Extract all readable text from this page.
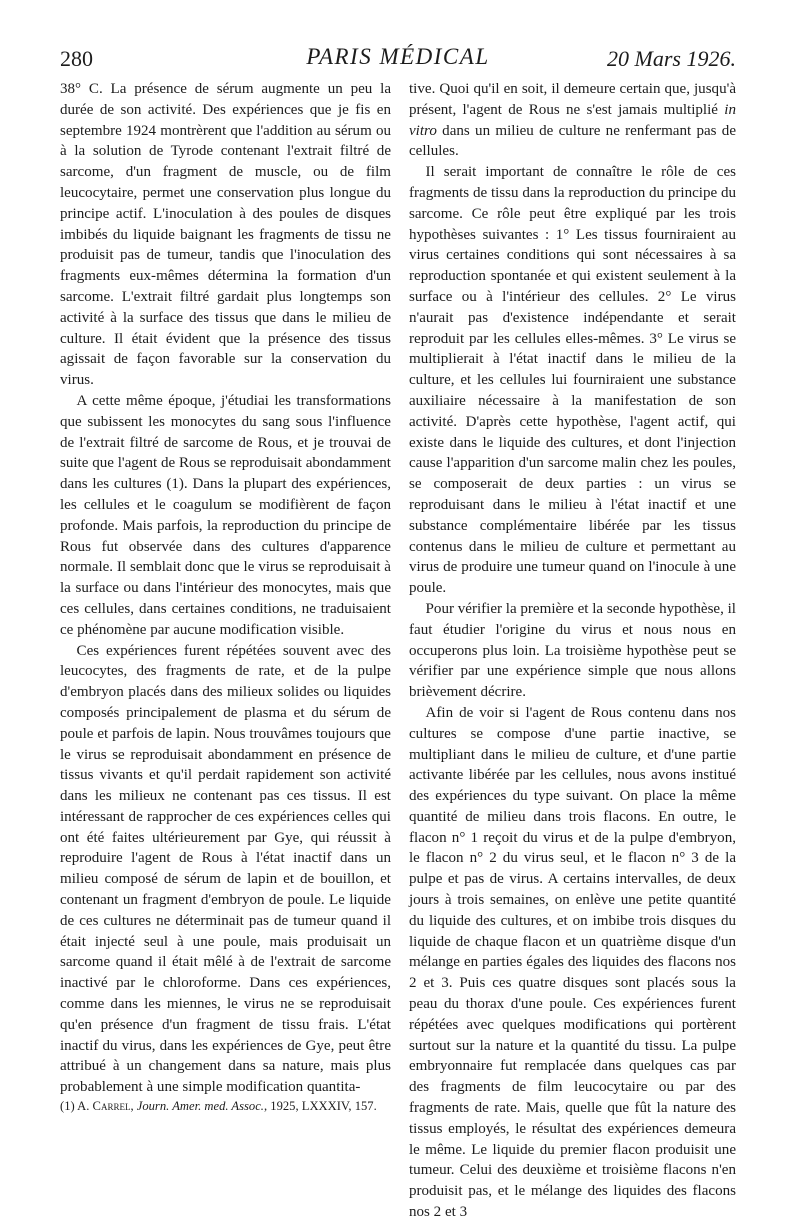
280	PARIS MÉDICAL	20 Mars 1926.

38° C. La présence de sérum augmente un peu la durée de son activité. Des expériences que je fis en septembre 1924 montrèrent que l'addition au sérum ou à la solution de Tyrode contenant l'extrait filtré de sarcome, d'un fragment de muscle, ou de film leucocytaire, permet une conservation plus longue du principe actif. L'inoculation à des poules de disques imbibés du liquide baignant les fragments de tissu ne produisit pas de tumeur, tandis que l'inoculation des fragments eux-mêmes détermina la formation d'un sarcome. L'extrait filtré gardait plus longtemps son activité à la surface des tissus que dans le milieu de culture. Il était évident que la présence des tissus agissait de façon favorable sur la conservation du virus.

A cette même époque, j'étudiai les transformations que subissent les monocytes du sang sous l'influence de l'extrait filtré de sarcome de Rous, et je trouvai de suite que l'agent de Rous se reproduisait abondamment dans les cultures (1). Dans la plupart des expériences, les cellules et le coagulum se modifièrent de façon profonde. Mais parfois, la reproduction du principe de Rous fut observée dans des cultures d'apparence normale. Il semblait donc que le virus se reproduisait à la surface ou dans l'intérieur des monocytes, mais que ces cellules, dans certaines conditions, ne traduisaient ce phénomène par aucune modification visible.

Ces expériences furent répétées souvent avec des leucocytes, des fragments de rate, et de la pulpe d'embryon placés dans des milieux solides ou liquides composés principalement de plasma et du sérum de poule et parfois de lapin. Nous trouvâmes toujours que le virus se reproduisait abondamment en présence de tissus vivants et qu'il perdait rapidement son activité dans les milieux ne contenant pas ces tissus. Il est intéressant de rapprocher de ces expériences celles qui ont été faites ultérieurement par Gye, qui réussit à reproduire l'agent de Rous à l'état inactif dans un milieu composé de sérum de lapin et de bouillon, et contenant un fragment d'embryon de poule. Le liquide de ces cultures ne déterminait pas de tumeur quand il était injecté seul à une poule, mais produisait un sarcome quand il était mêlé à de l'extrait de sarcome inactivé par le chloroforme. Dans ces expériences, comme dans les miennes, le virus ne se reproduisait qu'en présence d'un fragment de tissu frais. L'état inactif du virus, dans les expériences de Gye, peut être attribué à un changement dans sa nature, mais plus probablement à une simple modification quantita-

(1) A. Carrel, Journ. Amer. med. Assoc., 1925, LXXXIV, 157.

tive. Quoi qu'il en soit, il demeure certain que, jusqu'à présent, l'agent de Rous ne s'est jamais multiplié in vitro dans un milieu de culture ne renfermant pas de cellules.

Il serait important de connaître le rôle de ces fragments de tissu dans la reproduction du principe du sarcome. Ce rôle peut être expliqué par les trois hypothèses suivantes : 1° Les tissus fourniraient au virus certaines conditions qui sont nécessaires à sa reproduction spontanée et qui existent seulement à la surface ou à l'intérieur des cellules. 2° Le virus n'aurait pas d'existence indépendante et serait reproduit par les cellules elles-mêmes. 3° Le virus se multiplierait à l'état inactif dans le milieu de la culture, et les cellules lui fourniraient une substance auxiliaire nécessaire à la manifestation de son activité. D'après cette hypothèse, l'agent actif, qui existe dans le liquide des cultures, et dont l'injection cause l'apparition d'un sarcome malin chez les poules, se composerait de deux parties : un virus se reproduisant dans le milieu à l'état inactif et une substance complémentaire libérée par les tissus contenus dans le milieu de culture et permettant au virus de produire une tumeur quand on l'inocule à une poule.

Pour vérifier la première et la seconde hypothèse, il faut étudier l'origine du virus et nous nous en occuperons plus loin. La troisième hypothèse peut se vérifier par une expérience simple que nous allons brièvement décrire.

Afin de voir si l'agent de Rous contenu dans nos cultures se compose d'une partie inactive, se multipliant dans le milieu de culture, et d'une partie activante libérée par les cellules, nous avons institué des expériences du type suivant. On place la même quantité de milieu dans trois flacons. En outre, le flacon n° 1 reçoit du virus et de la pulpe d'embryon, le flacon n° 2 du virus seul, et le flacon n° 3 de la pulpe et pas de virus. A certains intervalles, de deux jours à trois semaines, on enlève une petite quantité du liquide des cultures, et on imbibe trois disques du liquide de chaque flacon et un quatrième disque d'un mélange en parties égales des liquides des flacons nos 2 et 3. Puis ces quatre disques sont placés sous la peau du thorax d'une poule. Ces expériences furent répétées avec quelques modifications qui portèrent surtout sur la nature et la quantité du tissu. La pulpe embryonnaire fut remplacée dans quelques cas par des fragments de film leucocytaire ou par des fragments de rate. Mais, quelle que fût la nature des tissus employés, le résultat des expériences demeura le même. Le liquide du premier flacon produisit une tumeur. Celui des deuxième et troisième flacons n'en produisit pas, et le mélange des liquides des flacons nos 2 et 3
